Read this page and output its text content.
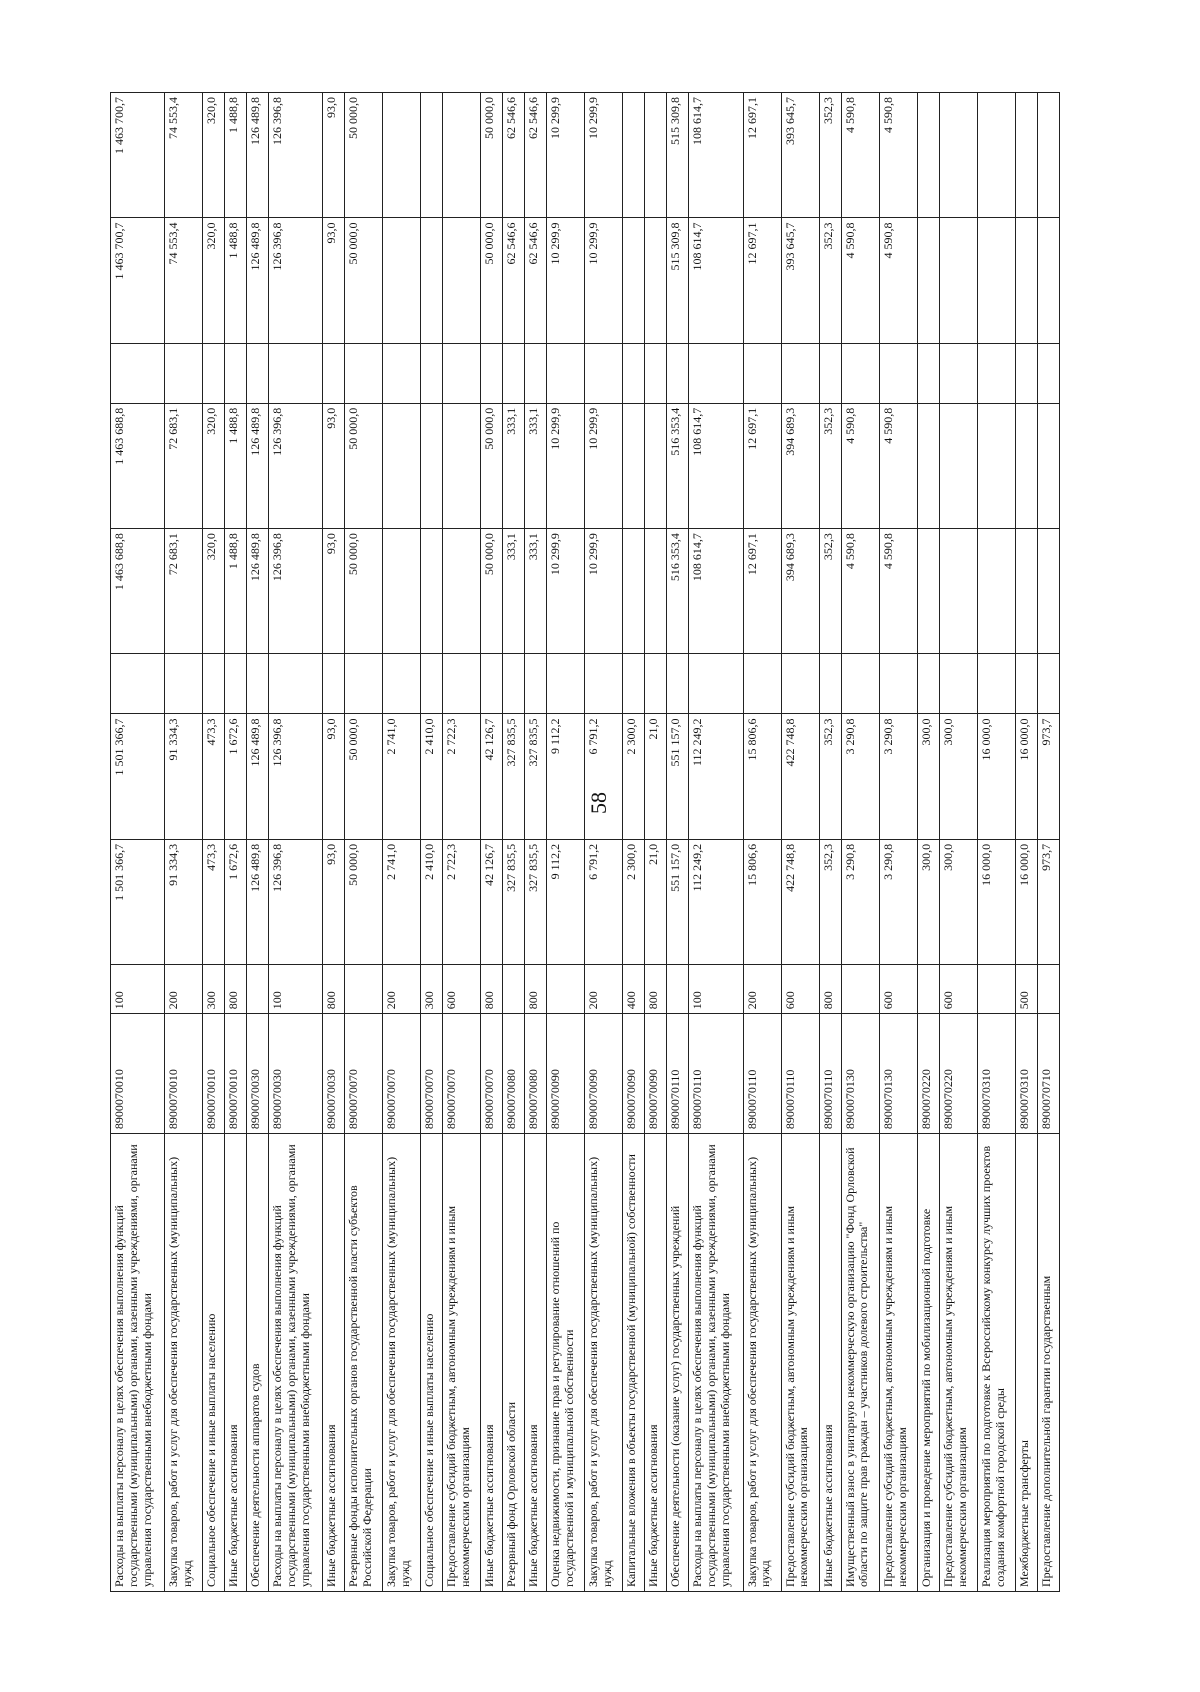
58
Расходы на выплаты персоналу в целях обеспечения выполнения функций государственными (муниципальными) органами, казенными учреждениями, органами управления государственными внебюджетными фондами	8900070010	100	1 501 366,7	1 501 366,7		1 463 688,8	1 463 688,8		1 463 700,7	1 463 700,7
Закупка товаров, работ и услуг для обеспечения государственных (муниципальных) нужд	8900070010	200	91 334,3	91 334,3		72 683,1	72 683,1		74 553,4	74 553,4
Социальное обеспечение и иные выплаты населению	8900070010	300	473,3	473,3		320,0	320,0		320,0	320,0
Иные бюджетные ассигнования	8900070010	800	1 672,6	1 672,6		1 488,8	1 488,8		1 488,8	1 488,8
Обеспечение деятельности аппаратов судов	8900070030		126 489,8	126 489,8		126 489,8	126 489,8		126 489,8	126 489,8
Расходы на выплаты персоналу в целях обеспечения выполнения функций государственными (муниципальными) органами, казенными учреждениями, органами управления государственными внебюджетными фондами	8900070030	100	126 396,8	126 396,8		126 396,8	126 396,8		126 396,8	126 396,8
Иные бюджетные ассигнования	8900070030	800	93,0	93,0		93,0	93,0		93,0	93,0
Резервные фонды исполнительных органов государственной власти субъектов Российской Федерации	8900070070		50 000,0	50 000,0		50 000,0	50 000,0		50 000,0	50 000,0
Закупка товаров, работ и услуг для обеспечения государственных (муниципальных) нужд	8900070070	200	2 741,0	2 741,0						
Социальное обеспечение и иные выплаты населению	8900070070	300	2 410,0	2 410,0						
Предоставление субсидий бюджетным, автономным учреждениям и иным некоммерческим организациям	8900070070	600	2 722,3	2 722,3						
Иные бюджетные ассигнования	8900070070	800	42 126,7	42 126,7		50 000,0	50 000,0		50 000,0	50 000,0
Резервный фонд Орловской области	8900070080		327 835,5	327 835,5		333,1	333,1		62 546,6	62 546,6
Иные бюджетные ассигнования	8900070080	800	327 835,5	327 835,5		333,1	333,1		62 546,6	62 546,6
Оценка недвижимости, признание прав и регулирование отношений по государственной и муниципальной собственности	8900070090		9 112,2	9 112,2		10 299,9	10 299,9		10 299,9	10 299,9
Закупка товаров, работ и услуг для обеспечения государственных (муниципальных) нужд	8900070090	200	6 791,2	6 791,2		10 299,9	10 299,9		10 299,9	10 299,9
Капитальные вложения в объекты государственной (муниципальной) собственности	8900070090	400	2 300,0	2 300,0						
Иные бюджетные ассигнования	8900070090	800	21,0	21,0						
Обеспечение деятельности (оказание услуг) государственных учреждений	8900070110		551 157,0	551 157,0		516 353,4	516 353,4		515 309,8	515 309,8
Расходы на выплаты персоналу в целях обеспечения выполнения функций государственными (муниципальными) органами, казенными учреждениями, органами управления государственными внебюджетными фондами	8900070110	100	112 249,2	112 249,2		108 614,7	108 614,7		108 614,7	108 614,7
Закупка товаров, работ и услуг для обеспечения государственных (муниципальных) нужд	8900070110	200	15 806,6	15 806,6		12 697,1	12 697,1		12 697,1	12 697,1
Предоставление субсидий бюджетным, автономным учреждениям и иным некоммерческим организациям	8900070110	600	422 748,8	422 748,8		394 689,3	394 689,3		393 645,7	393 645,7
Иные бюджетные ассигнования	8900070110	800	352,3	352,3		352,3	352,3		352,3	352,3
Имущественный взнос в унитарную некоммерческую организацию "Фонд Орловской области по защите прав граждан – участников долевого строительства"	8900070130		3 290,8	3 290,8		4 590,8	4 590,8		4 590,8	4 590,8
Предоставление субсидий бюджетным, автономным учреждениям и иным некоммерческим организациям	8900070130	600	3 290,8	3 290,8		4 590,8	4 590,8		4 590,8	4 590,8
Организация и проведение мероприятий по мобилизационной подготовке	8900070220		300,0	300,0						
Предоставление субсидий бюджетным, автономным учреждениям и иным некоммерческим организациям	8900070220	600	300,0	300,0						
Реализация мероприятий по подготовке к Всероссийскому конкурсу лучших проектов создания комфортной городской среды	8900070310		16 000,0	16 000,0						
Межбюджетные трансферты	8900070310	500	16 000,0	16 000,0						
Предоставление дополнительной гарантии государственным	8900070710		973,7	973,7						
